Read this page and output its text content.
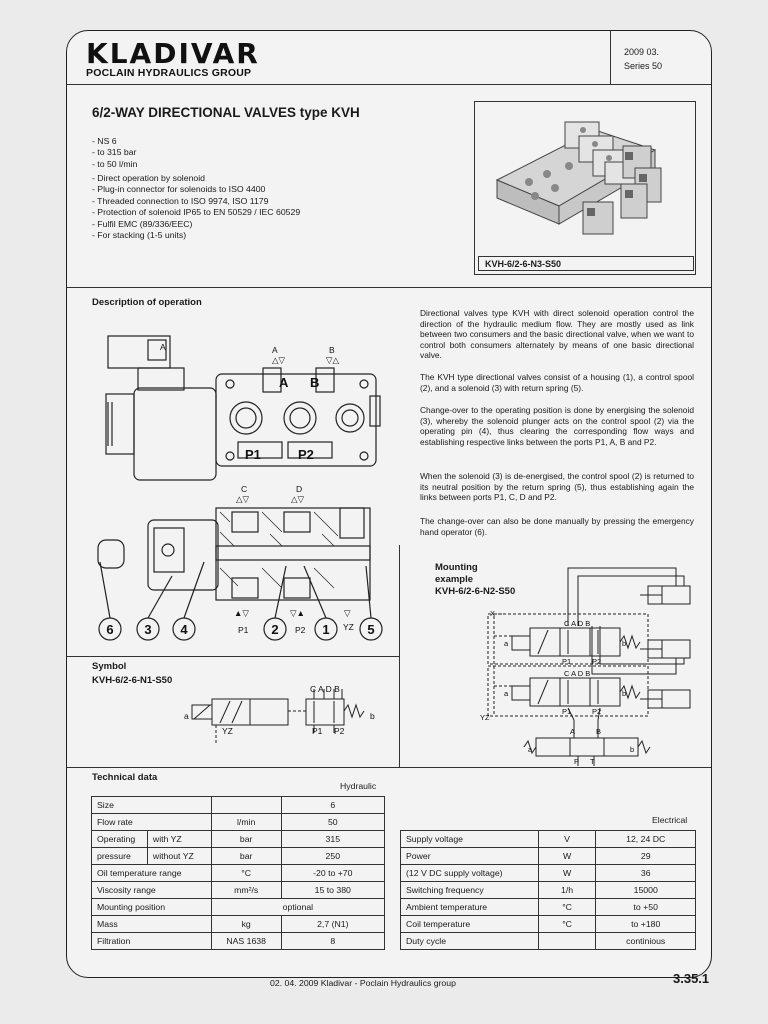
KLADIVAR
POCLAIN HYDRAULICS GROUP
2009 03.
Series 50
6/2-WAY DIRECTIONAL VALVES type KVH
- NS 6
- to 315 bar
- to 50 l/min
- Direct operation by solenoid
- Plug-in connector for solenoids to ISO 4400
- Threaded connection to ISO 9974, ISO 1179
- Protection of solenoid IP65 to EN 50529 / IEC 60529
- Fulfil EMC (89/336/EEC)
- For stacking (1-5 units)
KVH-6/2-6-N3-S50
Description of operation
Directional valves type KVH with direct solenoid operation control the direction of the hydraulic medium flow. They are mostly used as link between two consumers and the basic directional valve, when we want to control both consumers alternately by means of one basic directional valve.
The KVH type directional valves consist of a housing (1), a control spool (2), and a solenoid (3) with return spring (5).
Change-over to the operating position is done by energising the solenoid (3), whereby the solenoid plunger acts on the control spool (2) via the operating pin (4), thus clearing the corresponding flow ways and establishing respective links between the ports P1, A, B and P2.
When the solenoid (3) is de-energised, the control spool (2) is returned to its neutral position by the return spring (5), thus establishing again the links between ports P1, C, D and P2.
The change-over can also be done manually by pressing the emergency hand operator (6).
A	A	B
△▽	▽△
C	D
△▽	△▽
▲▽	▽▲	▽
P1	P2	YZ
A B
P1	P2
6 3 4	2	1	5
Symbol
KVH-6/2-6-N1-S50
C A D B
a	b
YZ	P1 P2
Mounting
example
KVH-6/2-6-N2-S50
C A D B
C A D B
a
a
a
b
b
b
P1	P2
P1	P2
YZ
A	B
P T
X
Technical data
Hydraulic
Electrical
Size			6
Flow rate		l/min	50
Operating	with YZ	bar	315
pressure	without YZ	bar	250
Oil temperature range		°C	-20 to +70
Viscosity range		mm²/s	15 to 380
Mounting position		optional	
Mass		kg	2,7 (N1)
Filtration		NAS 1638	8
Supply voltage	V	12, 24 DC
Power	W	29
(12 V DC supply voltage)	W	36
Switching frequency	1/h	15000
Ambient temperature	°C	to +50
Coil temperature	°C	to +180
Duty cycle		continious
02. 04. 2009 Kladivar - Poclain Hydraulics group	3.35.1
